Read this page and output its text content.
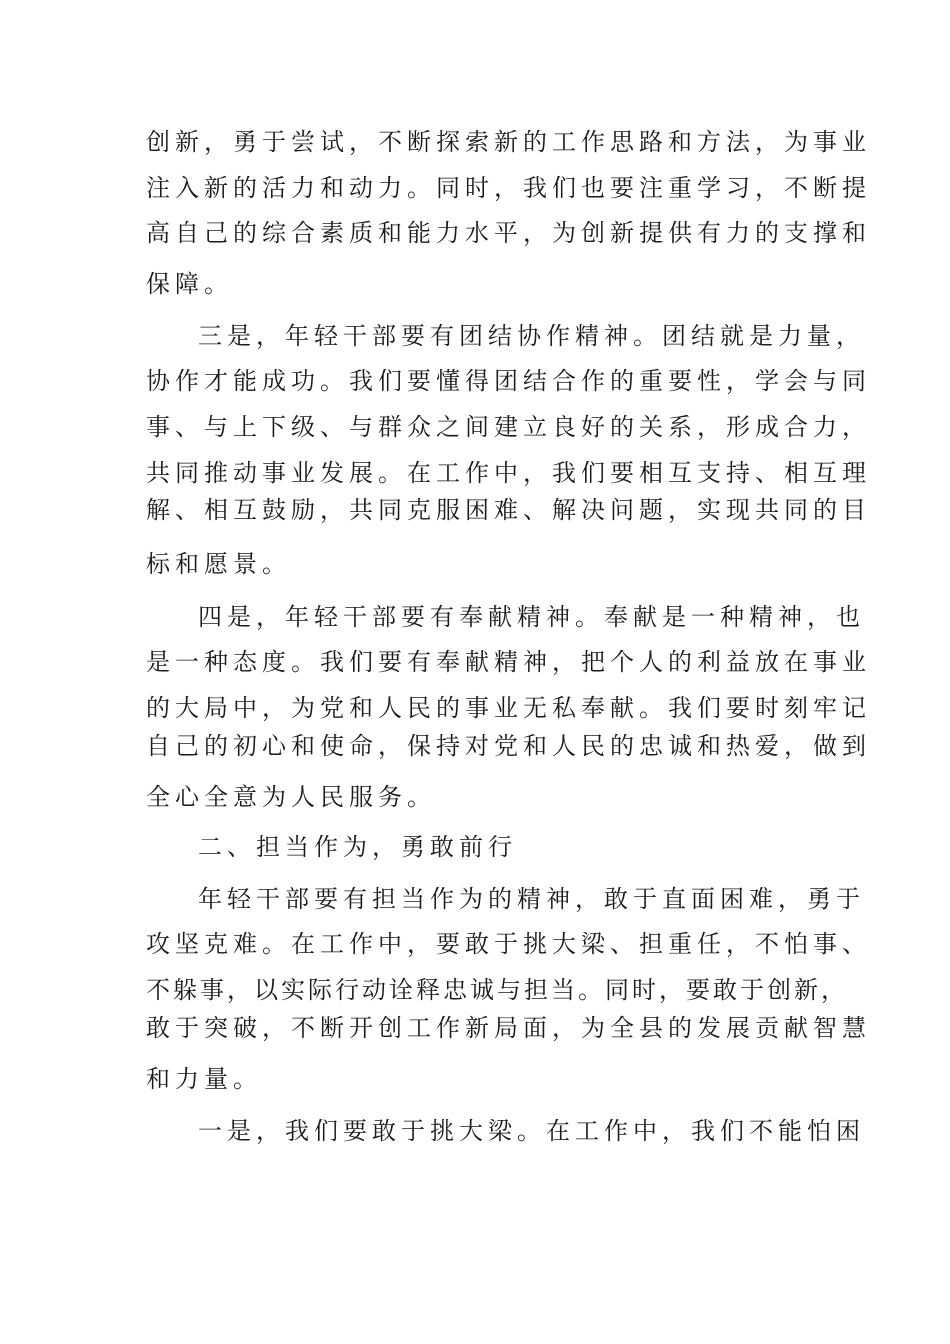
创新，勇于尝试，不断探索新的工作思路和方法，为事业
注入新的活力和动力。同时，我们也要注重学习，不断提
高自己的综合素质和能力水平，为创新提供有力的支撑和
保障。
三是，年轻干部要有团结协作精神。团结就是力量，
协作才能成功。我们要懂得团结合作的重要性，学会与同
事、与上下级、与群众之间建立良好的关系，形成合力，
共同推动事业发展。在工作中，我们要相互支持、相互理
解、相互鼓励，共同克服困难、解决问题，实现共同的目
标和愿景。
四是，年轻干部要有奉献精神。奉献是一种精神，也
是一种态度。我们要有奉献精神，把个人的利益放在事业
的大局中，为党和人民的事业无私奉献。我们要时刻牢记
自己的初心和使命，保持对党和人民的忠诚和热爱，做到
全心全意为人民服务。
二、担当作为，勇敢前行
年轻干部要有担当作为的精神，敢于直面困难，勇于
攻坚克难。在工作中，要敢于挑大梁、担重任，不怕事、
不躲事，以实际行动诠释忠诚与担当。同时，要敢于创新，
敢于突破，不断开创工作新局面，为全县的发展贡献智慧
和力量。
一是，我们要敢于挑大梁。在工作中，我们不能怕困
